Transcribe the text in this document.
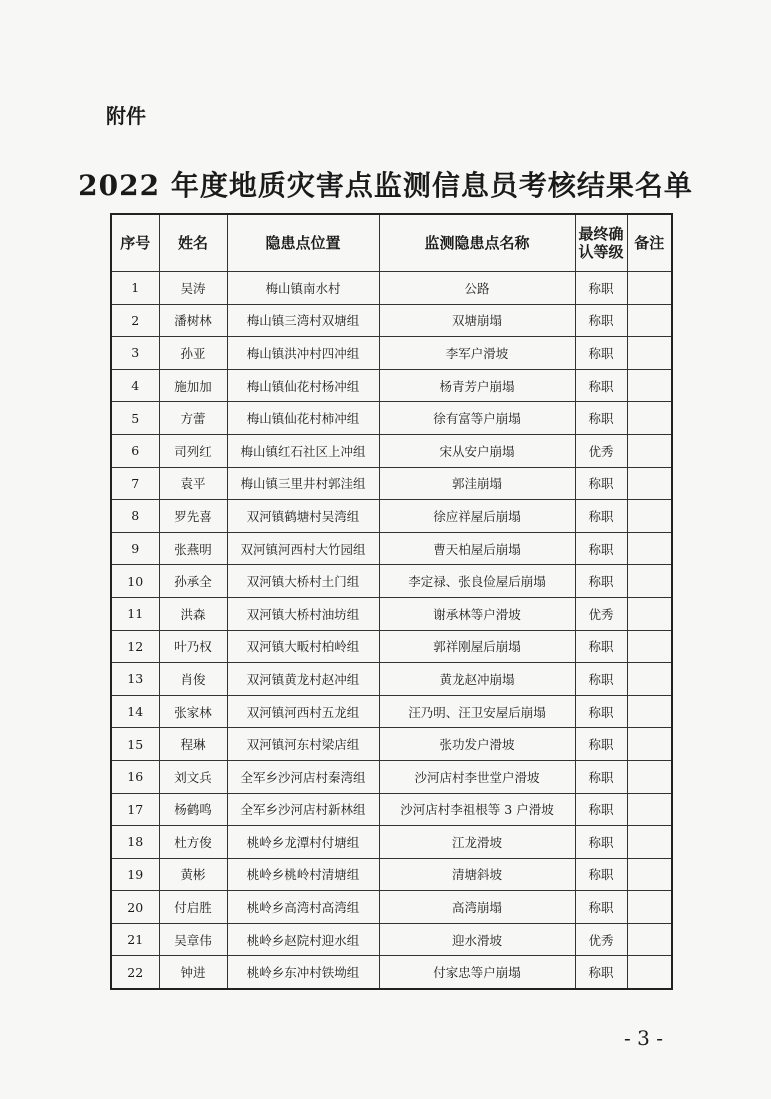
附件
2022 年度地质灾害点监测信息员考核结果名单
序号	姓名	隐患点位置	监测隐患点名称	最终确认等级	备注
1	吴涛	梅山镇南水村	公路	称职	
2	潘树林	梅山镇三湾村双塘组	双塘崩塌	称职	
3	孙亚	梅山镇洪冲村四冲组	李军户滑坡	称职	
4	施加加	梅山镇仙花村杨冲组	杨青芳户崩塌	称职	
5	方蕾	梅山镇仙花村柿冲组	徐有富等户崩塌	称职	
6	司列红	梅山镇红石社区上冲组	宋从安户崩塌	优秀	
7	袁平	梅山镇三里井村郭洼组	郭洼崩塌	称职	
8	罗先喜	双河镇鹤塘村吴湾组	徐应祥屋后崩塌	称职	
9	张燕明	双河镇河西村大竹园组	曹天柏屋后崩塌	称职	
10	孙承全	双河镇大桥村土门组	李定禄、张良俭屋后崩塌	称职	
11	洪森	双河镇大桥村油坊组	谢承林等户滑坡	优秀	
12	叶乃权	双河镇大畈村柏岭组	郭祥刚屋后崩塌	称职	
13	肖俊	双河镇黄龙村赵冲组	黄龙赵冲崩塌	称职	
14	张家林	双河镇河西村五龙组	汪乃明、汪卫安屋后崩塌	称职	
15	程琳	双河镇河东村梁店组	张功发户滑坡	称职	
16	刘文兵	全军乡沙河店村秦湾组	沙河店村李世堂户滑坡	称职	
17	杨鹤鸣	全军乡沙河店村新林组	沙河店村李祖根等 3 户滑坡	称职	
18	杜方俊	桃岭乡龙潭村付塘组	江龙滑坡	称职	
19	黄彬	桃岭乡桃岭村清塘组	清塘斜坡	称职	
20	付启胜	桃岭乡高湾村高湾组	高湾崩塌	称职	
21	吴章伟	桃岭乡赵院村迎水组	迎水滑坡	优秀	
22	钟进	桃岭乡东冲村铁坳组	付家忠等户崩塌	称职	
- 3 -
